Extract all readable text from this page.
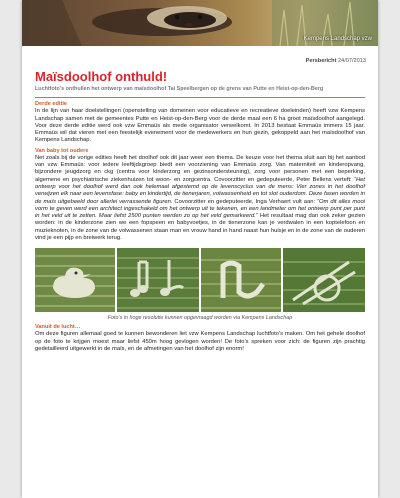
Kempens Landschap vzw
Persbericht 24/07/2013
Maïsdoolhof onthuld!
Luchtfoto’s onthullen het ontwerp van maïsdoolhof Tai Speelbergen op de grens van Putte en Heist-op-den-Berg
Derde editie
In de lijn van haar doelstellingen (openstelling van domeinen voor educatieve en recreatieve doeleinden) heeft vzw Kempens Landschap samen met de gemeentes Putte en Heist-op-den-Berg voor de derde maal een 6 ha groot maïsdoolhof aangelegd. Voor deze derde editie werd ook vzw Emmaüs als mede organisator verwelkomt. In 2013 bestaat Emmaüs immers 15 jaar. Emmaüs wil dat vieren met een feestelijk evenement voor de medewerkers en hun gezin, gekoppeld aan het maïsdoolhof van Kempens Landschap.
Van baby tot oudere
Net zoals bij de vorige edities heeft het doolhof ook dit jaar weer een thema. De keuze voor het thema sluit aan bij het aanbod van vzw Emmaüs: voor iedere leeftijdsgroep biedt een voorziening van Emmaüs zorg. Van materniteit en kinderopvang, bijzondere jeugdzorg en ckg (centra voor kinderzorg en gezinsondersteuning), zorg voor personen met een beperking, algemene en psychiatrische ziekenhuizen tot woon- en zorgcentra. Covoorzitter en gedeputeerde, Peter Bellens verteft: “Het ontwerp voor het doolhof werd dan ook helemaal afgestemd op de levenscyclus van de mens: Vier zones in het doolhof verwijzen elk naar een levensfase: baby en kindertijd, de tienerjaren, volwassenheid en tot slot ouderdom. Deze fasen worden in de maïs uitgebeeld door allerlei verrassende figuren. Covoorzitter en gedeputeerde, Inga Verhaert vult aan: “Om dit alles mooi vorm te geven werd een architect ingeschakeld om het ontwerp uit te tekenen, en een landmeter om het ontwerp punt per punt in het veld uit te zetten. Maar liefst 2500 punten werden zo op het veld gemarkeerd.” Het resultaat mag dan ook zeker gezien worden: in de kinderzone zien we een fopspeen en babyvoetjes, in de tienerzone kan je verdwalen in een koptelefoon en muzieknoten, in de zone van de volwassenen staan man en vrouw hand in hand naast hun huisje en in de zone van de ouderen vind je een pijp en breiwerk terug.
Foto’s in hoge resolutie kunnen opgevraagd worden via Kempens Landschap
Vanuit de lucht…
Om deze figuren allemaal goed te kunnen bewonderen liet vzw Kempens Landschap luchtfoto’s maken. Om het gehele doolhof op de foto te krijgen moest maar liefst 450m hoog gevlogen worden! De foto’s spreken voor zich: de figuren zijn prachtig gedetailleerd uitgewerkt in de maïs, en de afmetingen van het doolhof zijn enorm!
